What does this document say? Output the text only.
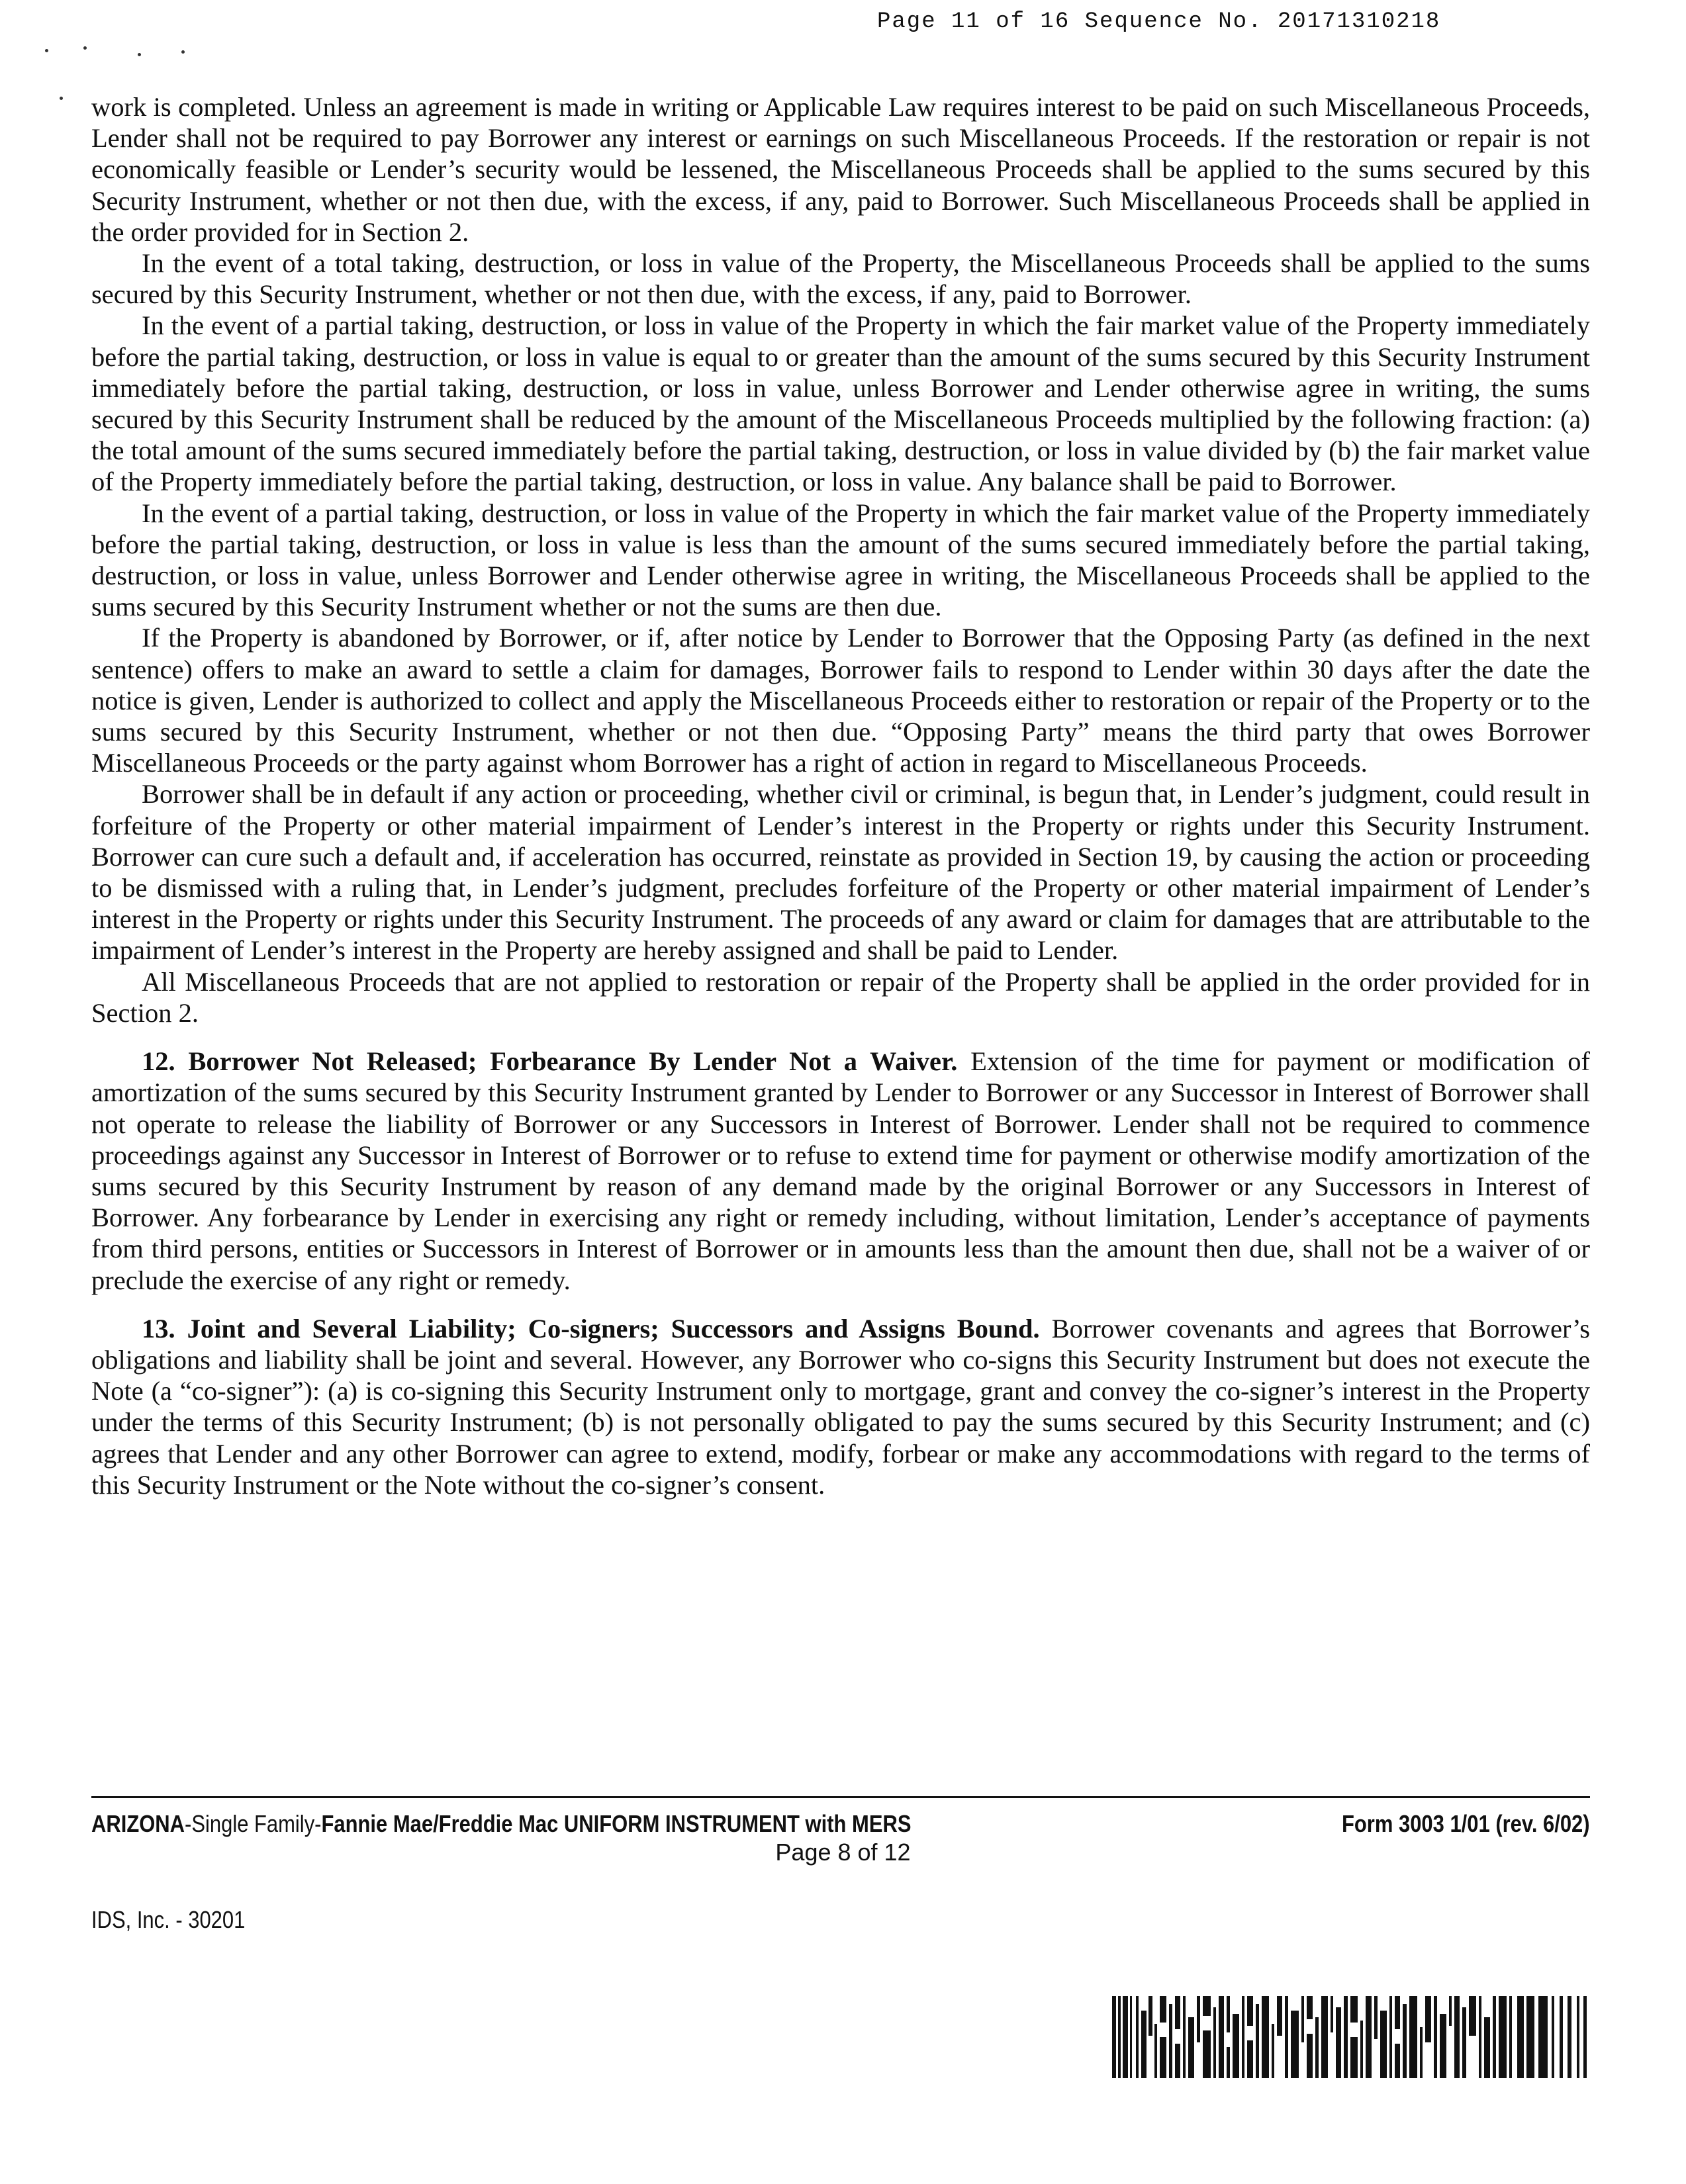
Page 11 of 16 Sequence No. 20171310218

work is completed. Unless an agreement is made in writing or Applicable Law requires interest to be paid on such Miscellaneous Proceeds, Lender shall not be required to pay Borrower any interest or earnings on such Miscellaneous Proceeds. If the restoration or repair is not economically feasible or Lender’s security would be lessened, the Miscellaneous Proceeds shall be applied to the sums secured by this Security Instrument, whether or not then due, with the excess, if any, paid to Borrower. Such Miscellaneous Proceeds shall be applied in the order provided for in Section 2.

In the event of a total taking, destruction, or loss in value of the Property, the Miscellaneous Proceeds shall be applied to the sums secured by this Security Instrument, whether or not then due, with the excess, if any, paid to Borrower.

In the event of a partial taking, destruction, or loss in value of the Property in which the fair market value of the Property immediately before the partial taking, destruction, or loss in value is equal to or greater than the amount of the sums secured by this Security Instrument immediately before the partial taking, destruction, or loss in value, unless Borrower and Lender otherwise agree in writing, the sums secured by this Security Instrument shall be reduced by the amount of the Miscellaneous Proceeds multiplied by the following fraction: (a) the total amount of the sums secured immediately before the partial taking, destruction, or loss in value divided by (b) the fair market value of the Property immediately before the partial taking, destruction, or loss in value. Any balance shall be paid to Borrower.

In the event of a partial taking, destruction, or loss in value of the Property in which the fair market value of the Property immediately before the partial taking, destruction, or loss in value is less than the amount of the sums secured immediately before the partial taking, destruction, or loss in value, unless Borrower and Lender otherwise agree in writing, the Miscellaneous Proceeds shall be applied to the sums secured by this Security Instrument whether or not the sums are then due.

If the Property is abandoned by Borrower, or if, after notice by Lender to Borrower that the Opposing Party (as defined in the next sentence) offers to make an award to settle a claim for damages, Borrower fails to respond to Lender within 30 days after the date the notice is given, Lender is authorized to collect and apply the Miscellaneous Proceeds either to restoration or repair of the Property or to the sums secured by this Security Instrument, whether or not then due. “Opposing Party” means the third party that owes Borrower Miscellaneous Proceeds or the party against whom Borrower has a right of action in regard to Miscellaneous Proceeds.

Borrower shall be in default if any action or proceeding, whether civil or criminal, is begun that, in Lender’s judgment, could result in forfeiture of the Property or other material impairment of Lender’s interest in the Property or rights under this Security Instrument. Borrower can cure such a default and, if acceleration has occurred, reinstate as provided in Section 19, by causing the action or proceeding to be dismissed with a ruling that, in Lender’s judgment, precludes forfeiture of the Property or other material impairment of Lender’s interest in the Property or rights under this Security Instrument. The proceeds of any award or claim for damages that are attributable to the impairment of Lender’s interest in the Property are hereby assigned and shall be paid to Lender.

All Miscellaneous Proceeds that are not applied to restoration or repair of the Property shall be applied in the order provided for in Section 2.

12. Borrower Not Released; Forbearance By Lender Not a Waiver. Extension of the time for payment or modification of amortization of the sums secured by this Security Instrument granted by Lender to Borrower or any Successor in Interest of Borrower shall not operate to release the liability of Borrower or any Successors in Interest of Borrower. Lender shall not be required to commence proceedings against any Successor in Interest of Borrower or to refuse to extend time for payment or otherwise modify amortization of the sums secured by this Security Instrument by reason of any demand made by the original Borrower or any Successors in Interest of Borrower. Any forbearance by Lender in exercising any right or remedy including, without limitation, Lender’s acceptance of payments from third persons, entities or Successors in Interest of Borrower or in amounts less than the amount then due, shall not be a waiver of or preclude the exercise of any right or remedy.

13. Joint and Several Liability; Co-signers; Successors and Assigns Bound. Borrower covenants and agrees that Borrower’s obligations and liability shall be joint and several. However, any Borrower who co-signs this Security Instrument but does not execute the Note (a “co-signer”): (a) is co-signing this Security Instrument only to mortgage, grant and convey the co-signer’s interest in the Property under the terms of this Security Instrument; (b) is not personally obligated to pay the sums secured by this Security Instrument; and (c) agrees that Lender and any other Borrower can agree to extend, modify, forbear or make any accommodations with regard to the terms of this Security Instrument or the Note without the co-signer’s consent.

ARIZONA-Single Family-Fannie Mae/Freddie Mac UNIFORM INSTRUMENT with MERS	Form 3003 1/01 (rev. 6/02)
Page 8 of 12
IDS, Inc. - 30201
